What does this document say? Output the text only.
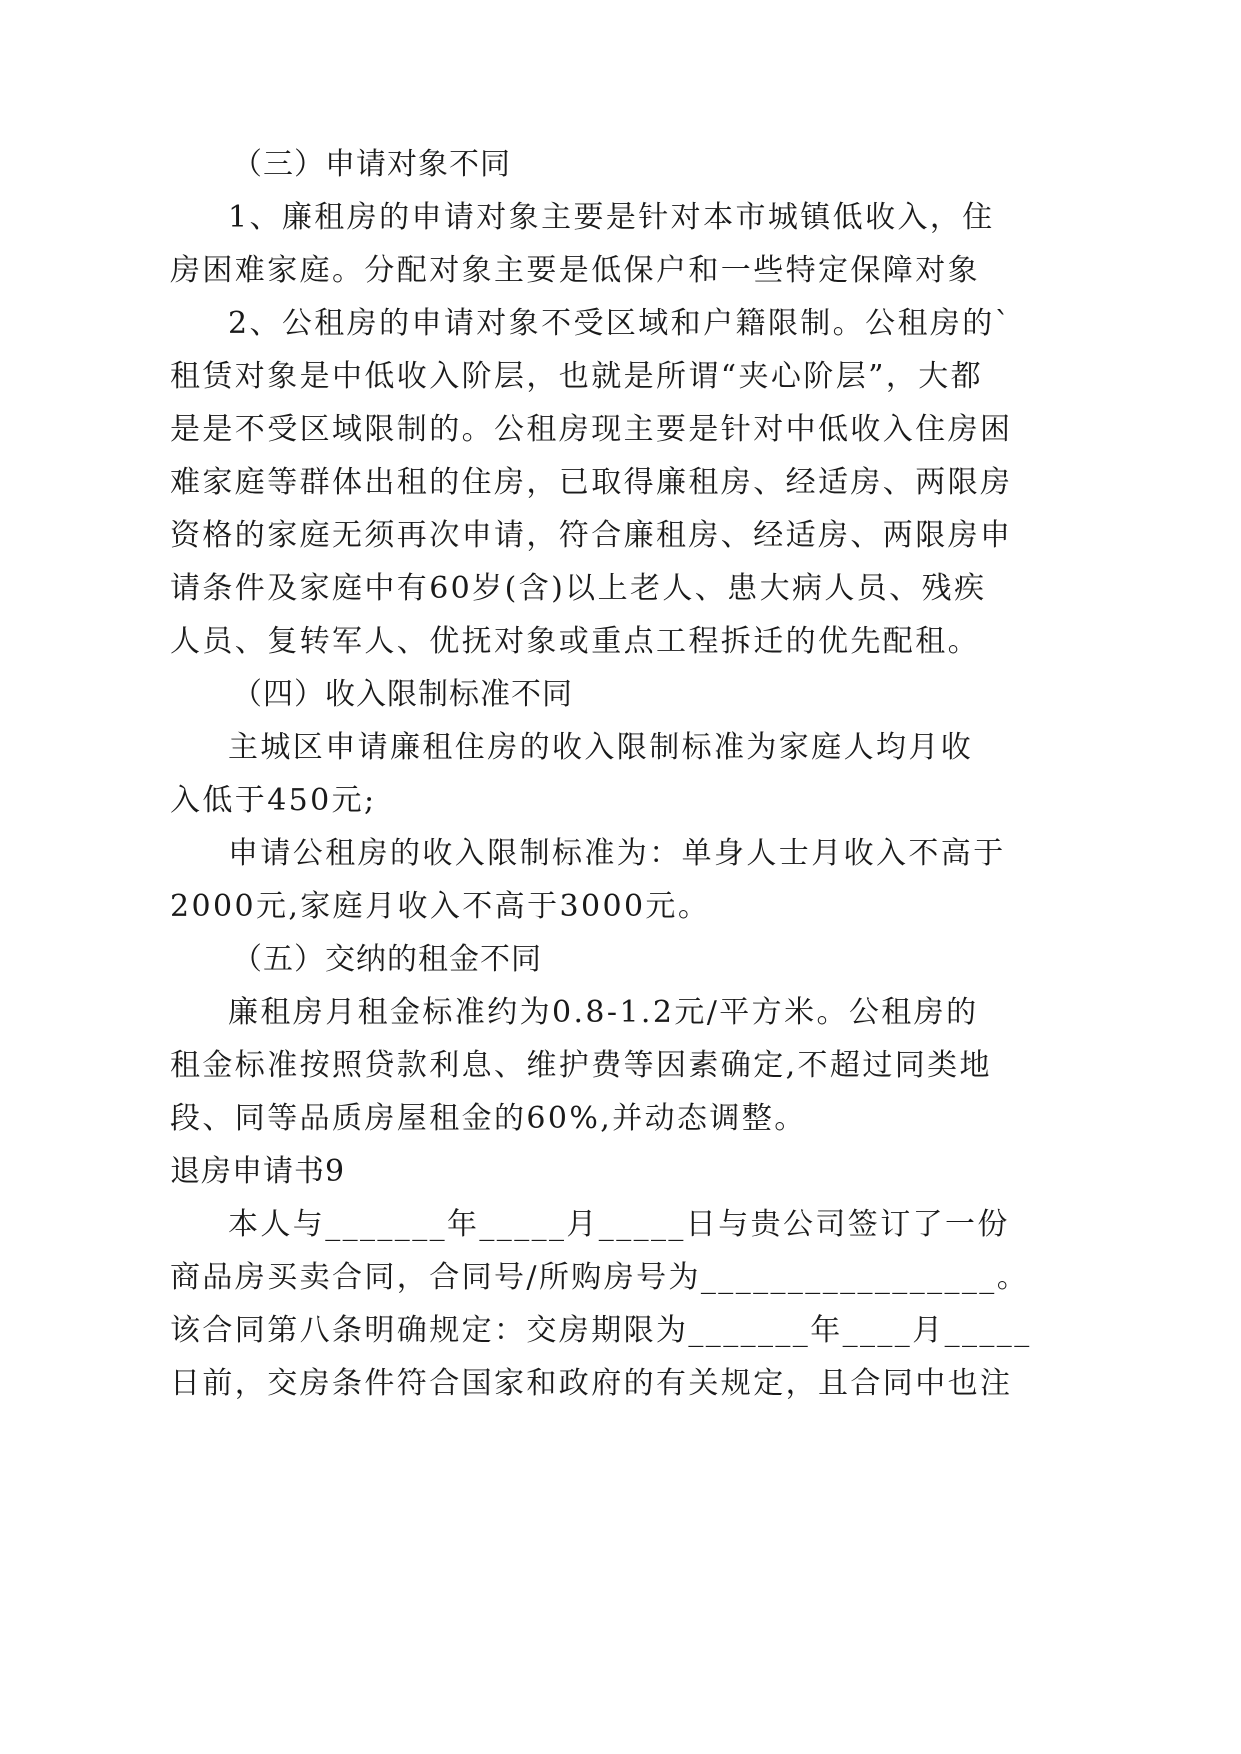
（三）申请对象不同
1、廉租房的申请对象主要是针对本市城镇低收入，住
房困难家庭。分配对象主要是低保户和一些特定保障对象
2、公租房的申请对象不受区域和户籍限制。公租房的`
租赁对象是中低收入阶层，也就是所谓“夹心阶层”，大都
是是不受区域限制的。公租房现主要是针对中低收入住房困
难家庭等群体出租的住房，已取得廉租房、经适房、两限房
资格的家庭无须再次申请，符合廉租房、经适房、两限房申
请条件及家庭中有60岁(含)以上老人、患大病人员、残疾
人员、复转军人、优抚对象或重点工程拆迁的优先配租。
（四）收入限制标准不同
主城区申请廉租住房的收入限制标准为家庭人均月收
入低于450元;
申请公租房的收入限制标准为：单身人士月收入不高于
2000元,家庭月收入不高于3000元。
（五）交纳的租金不同
廉租房月租金标准约为0.8-1.2元/平方米。公租房的
租金标准按照贷款利息、维护费等因素确定,不超过同类地
段、同等品质房屋租金的60%,并动态调整。
退房申请书9
本人与_______年_____月_____日与贵公司签订了一份
商品房买卖合同，合同号/所购房号为_________________。
该合同第八条明确规定：交房期限为_______年____月_____
日前，交房条件符合国家和政府的有关规定，且合同中也注
